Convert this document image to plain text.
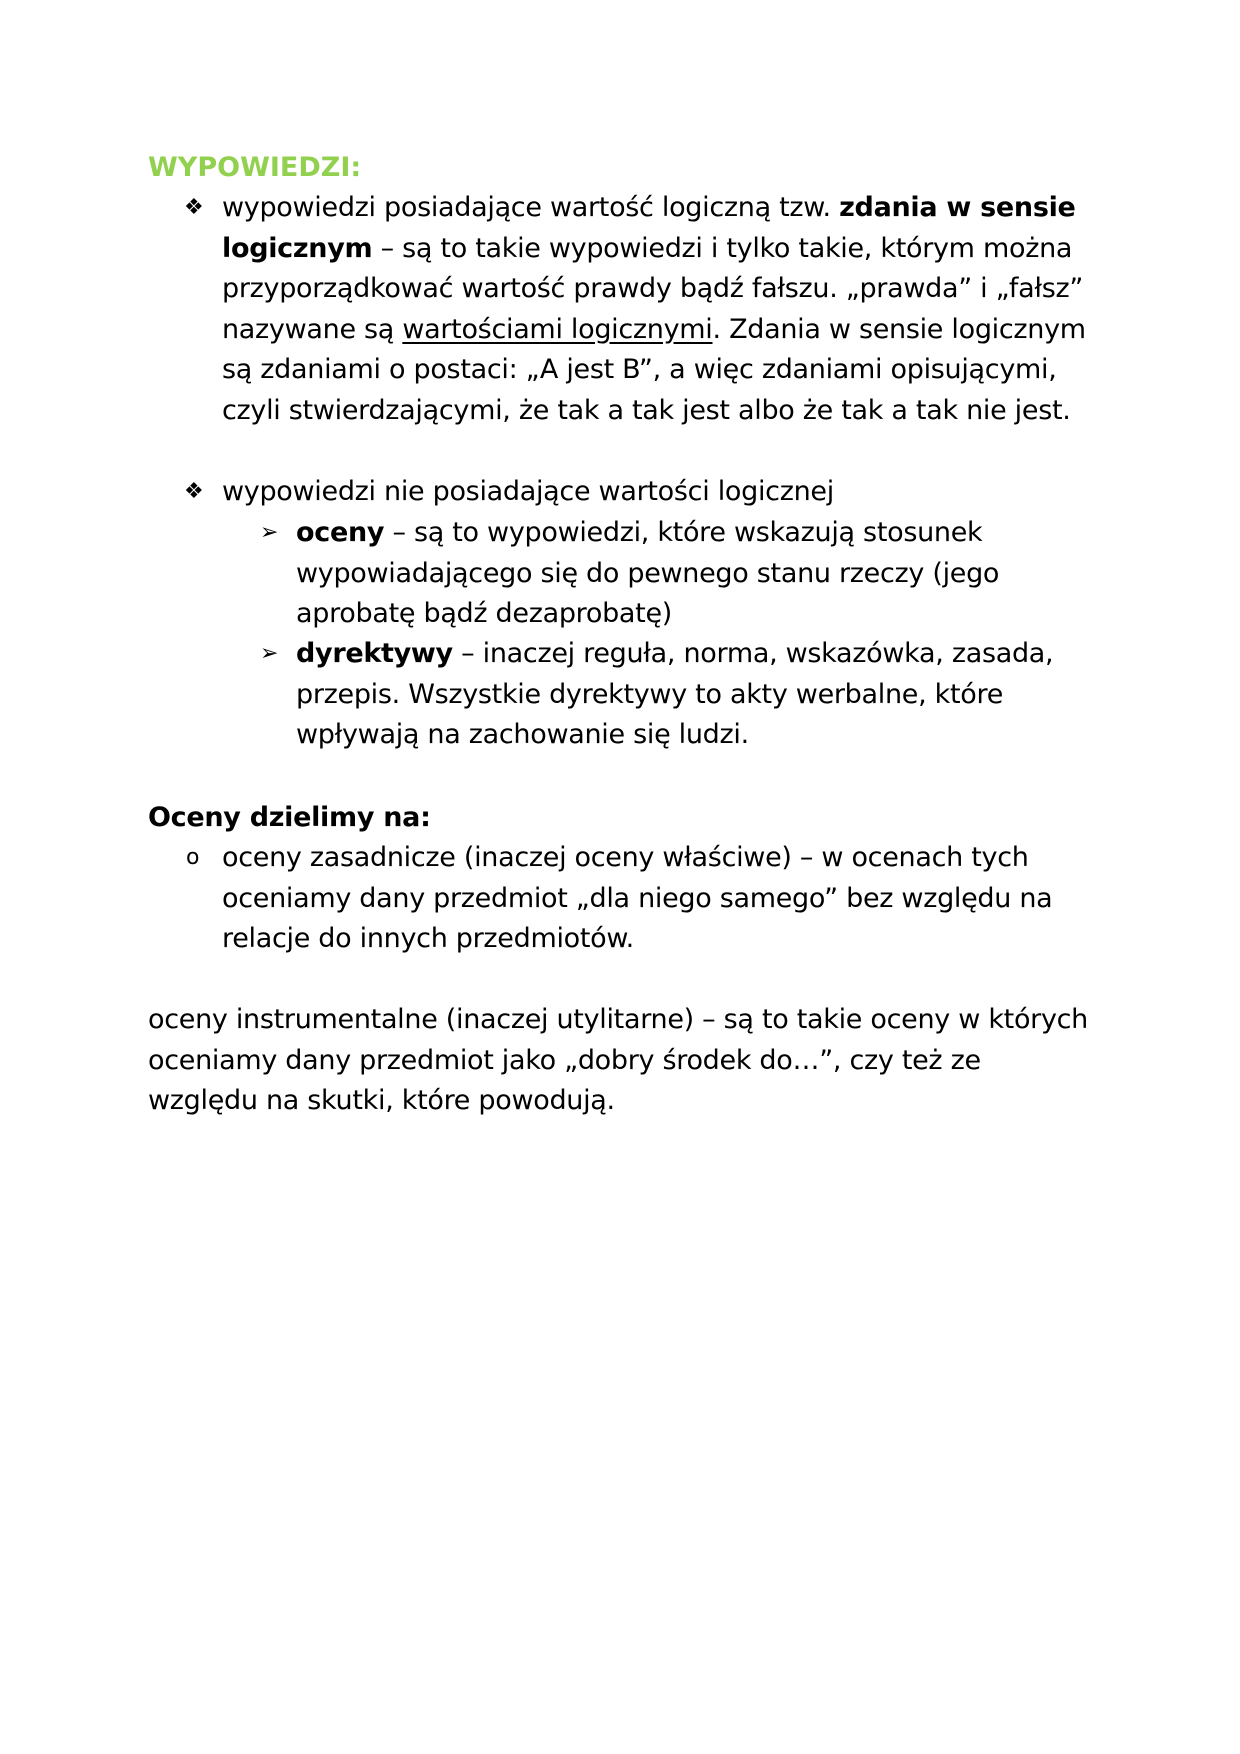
WYPOWIEDZI:
❖ wypowiedzi posiadające wartość logiczną tzw. zdania w sensie logicznym – są to takie wypowiedzi i tylko takie, którym można przyporządkować wartość prawdy bądź fałszu. „prawda” i „fałsz” nazywane są wartościami logicznymi. Zdania w sensie logicznym są zdaniami o postaci: „A jest B”, a więc zdaniami opisującymi, czyli stwierdzającymi, że tak a tak jest albo że tak a tak nie jest.
❖ wypowiedzi nie posiadające wartości logicznej
➢ oceny – są to wypowiedzi, które wskazują stosunek wypowiadającego się do pewnego stanu rzeczy (jego aprobatę bądź dezaprobatę)
➢ dyrektywy – inaczej reguła, norma, wskazówka, zasada, przepis. Wszystkie dyrektywy to akty werbalne, które wpływają na zachowanie się ludzi.
Oceny dzielimy na:
o oceny zasadnicze (inaczej oceny właściwe) – w ocenach tych oceniamy dany przedmiot „dla niego samego” bez względu na relacje do innych przedmiotów.
oceny instrumentalne (inaczej utylitarne) – są to takie oceny w których oceniamy dany przedmiot jako „dobry środek do…”, czy też ze względu na skutki, które powodują.
